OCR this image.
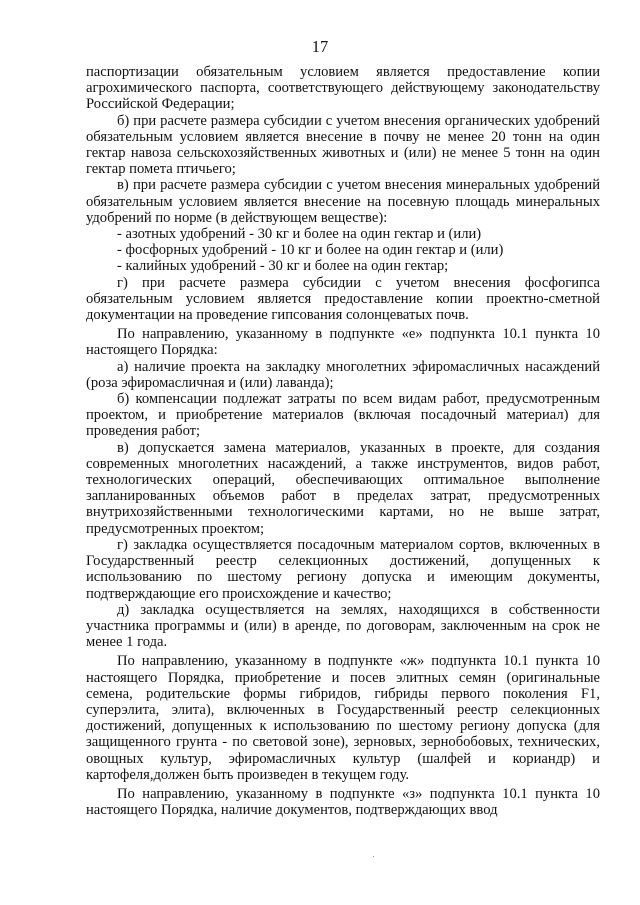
17

паспортизации обязательным условием является предоставление копии агрохимического паспорта, соответствующего действующему законодательству Российской Федерации;

б) при расчете размера субсидии с учетом внесения органических удобрений обязательным условием является внесение в почву не менее 20 тонн на один гектар навоза сельскохозяйственных животных и (или) не менее 5 тонн на один гектар помета птичьего;

в) при расчете размера субсидии с учетом внесения минеральных удобрений обязательным условием является внесение на посевную площадь минеральных удобрений по норме (в действующем веществе):

- азотных удобрений - 30 кг и более на один гектар и (или)

- фосфорных удобрений - 10 кг и более на один гектар и (или)

- калийных удобрений - 30 кг и более на один гектар;

г) при расчете размера субсидии с учетом внесения фосфогипса обязательным условием является предоставление копии проектно-сметной документации на проведение гипсования солонцеватых почв.

По направлению, указанному в подпункте «е» подпункта 10.1 пункта 10 настоящего Порядка:

а) наличие проекта на закладку многолетних эфиромасличных насаждений (роза эфиромасличная и (или) лаванда);

б) компенсации подлежат затраты по всем видам работ, предусмотренным проектом, и приобретение материалов (включая посадочный материал) для проведения работ;

в) допускается замена материалов, указанных в проекте, для создания современных многолетних насаждений, а также инструментов, видов работ, технологических операций, обеспечивающих оптимальное выполнение запланированных объемов работ в пределах затрат, предусмотренных внутрихозяйственными технологическими картами, но не выше затрат, предусмотренных проектом;

г) закладка осуществляется посадочным материалом сортов, включенных в Государственный реестр селекционных достижений, допущенных к использованию по шестому региону допуска и имеющим документы, подтверждающие его происхождение и качество;

д) закладка осуществляется на землях, находящихся в собственности участника программы и (или) в аренде, по договорам, заключенным на срок не менее 1 года.

По направлению, указанному в подпункте «ж» подпункта 10.1 пункта 10 настоящего Порядка, приобретение и посев элитных семян (оригинальные семена, родительские формы гибридов, гибриды первого поколения F1, суперэлита, элита), включенных в Государственный реестр селекционных достижений, допущенных к использованию по шестому региону допуска (для защищенного грунта - по световой зоне), зерновых, зернобобовых, технических, овощных культур, эфиромасличных культур (шалфей и кориандр) и картофеля,должен быть произведен в текущем году.

По направлению, указанному в подпункте «з» подпункта 10.1 пункта 10 настоящего Порядка, наличие документов, подтверждающих ввод
